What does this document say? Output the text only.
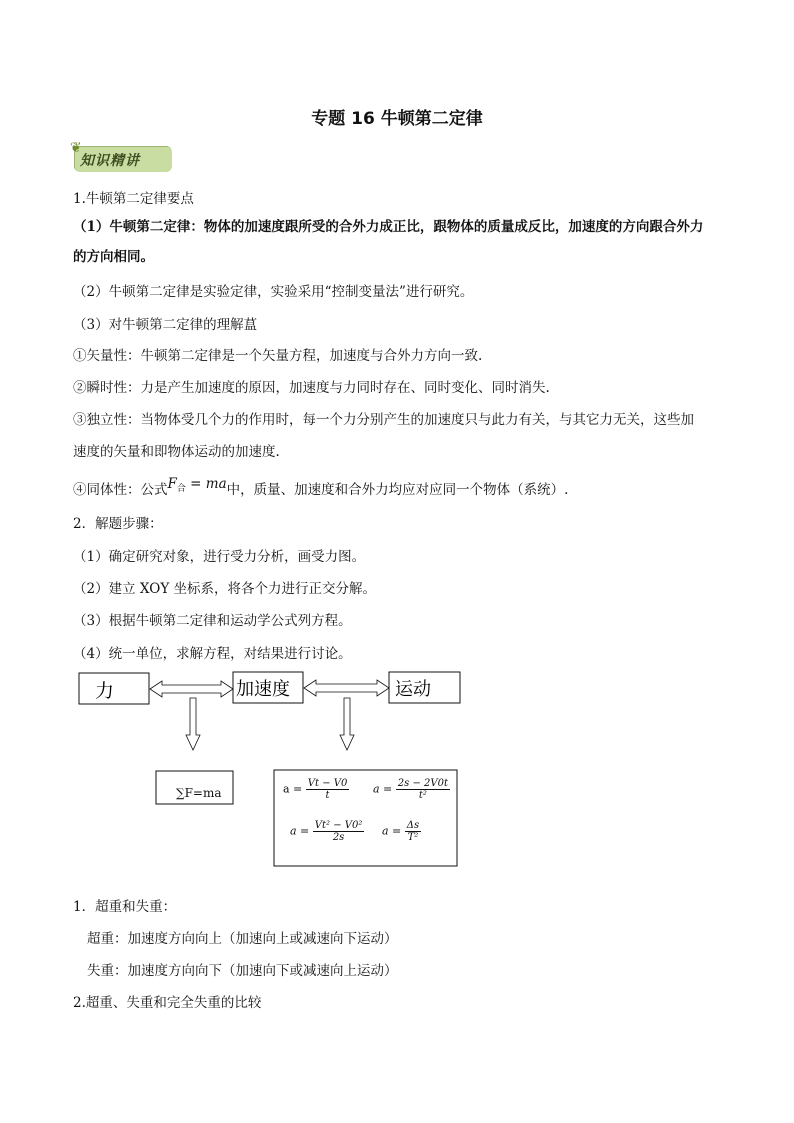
专题 16 牛顿第二定律
❦
知识精讲
1.牛顿第二定律要点
（1）牛顿第二定律：物体的加速度跟所受的合外力成正比，跟物体的质量成反比，加速度的方向跟合外力
的方向相同。
（2）牛顿第二定律是实验定律，实验采用“控制变量法”进行研究。
（3）对牛顿第二定律的理解蒀
①矢量性：牛顿第二定律是一个矢量方程，加速度与合外力方向一致.
②瞬时性：力是产生加速度的原因，加速度与力同时存在、同时变化、同时消失.
③独立性：当物体受几个力的作用时，每一个力分别产生的加速度只与此力有关，与其它力无关，这些加
速度的矢量和即物体运动的加速度.
④同体性：公式$F_合$ = ma中，质量、加速度和合外力均应对应同一个物体（系统）.
2．解题步骤：
（1）确定研究对象，进行受力分析，画受力图。
（2）建立 XOY 坐标系，将各个力进行正交分解。
（3）根据牛顿第二定律和运动学公式列方程。
（4）统一单位，求解方程，对结果进行讨论。
力	加速度	运动
∑F=ma	$a = \frac{Vt - V0}{t}$ $a = \frac{2s - 2V0t}{\text{t²}}$
$a = \frac{\text{Vt² − V0²}}{2s}$ $a = \frac{\Delta s}{\text{T²}}$
1．超重和失重：
超重：加速度方向向上（加速向上或减速向下运动）
失重：加速度方向向下（加速向下或减速向上运动）
2.超重、失重和完全失重的比较
